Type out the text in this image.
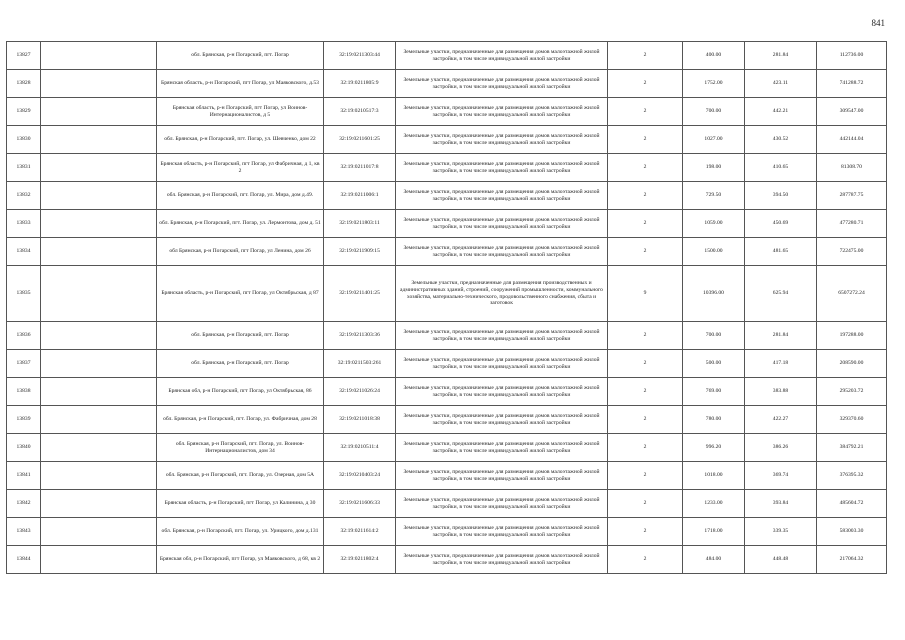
841
13827		обл. Брянская, р-н Погарский, пгт. Погар	32:19:0211303:44	Земельные участки, предназначенные для размещения домов малоэтажной жилой застройки, в том числе индивидуальной жилой застройки	2	400.00	281.84	112736.00
13828		Брянская область, р-н Погарский, пгт Погар, ул Маяковского, д.53	32:19:0211805:9	Земельные участки, предназначенные для размещения домов малоэтажной жилой застройки, в том числе индивидуальной жилой застройки	2	1752.00	423.11	741288.72
13829		Брянская область, р-н Погарский, пгт Погар, ул Воинов-Интернационалистов, д 5	32:19:0210517:3	Земельные участки, предназначенные для размещения домов малоэтажной жилой застройки, в том числе индивидуальной жилой застройки	2	700.00	442.21	309547.00
13830		обл. Брянская, р-н Погарский, пгт. Погар, ул. Шевченко, дом 22	32:19:0211601:25	Земельные участки, предназначенные для размещения домов малоэтажной жилой застройки, в том числе индивидуальной жилой застройки	2	1027.00	430.52	442144.04
13831		Брянская область, р-н Погарский, пгт Погар, ул Фабричная, д 1, кв 2	32:19:0211017:8	Земельные участки, предназначенные для размещения домов малоэтажной жилой застройки, в том числе индивидуальной жилой застройки	2	198.00	410.65	81308.70
13832		обл. Брянская, р-н Погарский, пгт. Погар, ул. Мира, дом д.49.	32:19:0211006:1	Земельные участки, предназначенные для размещения домов малоэтажной жилой застройки, в том числе индивидуальной жилой застройки	2	729.50	394.50	287787.75
13833		обл. Брянская, р-н Погарский, пгт. Погар, ул. Лермонтова, дом д. 51	32:19:0211803:11	Земельные участки, предназначенные для размещения домов малоэтажной жилой застройки, в том числе индивидуальной жилой застройки	2	1059.00	450.69	477280.71
13834		обл Брянская, р-н Погарский, пгт Погар, ул Ленина, дом 26	32:19:0211909:15	Земельные участки, предназначенные для размещения домов малоэтажной жилой застройки, в том числе индивидуальной жилой застройки	2	1500.00	481.65	722475.00
13835		Брянская область, р-н Погарский, пгт Погар, ул Октябрьская, д 87	32:19:0211401:25	Земельные участки, предназначенные для размещения производственных и административных зданий, строений, сооружений промышленности, коммунального хозяйства, материально-технического, продовольственного снабжения, сбыта и заготовок	9	10396.00	625.94	6507272.24
13836		обл. Брянская, р-н Погарский, пгт. Погар	32:19:0211303:36	Земельные участки, предназначенные для размещения домов малоэтажной жилой застройки, в том числе индивидуальной жилой застройки	2	700.00	281.84	197288.00
13837		обл. Брянская, р-н Погарский, пгт. Погар	32:19:0211503:261	Земельные участки, предназначенные для размещения домов малоэтажной жилой застройки, в том числе индивидуальной жилой застройки	2	500.00	417.18	208590.00
13838		Брянская обл, р-н Погарский, пгт Погар, ул Октябрьская, 86	32:19:0211026:24	Земельные участки, предназначенные для размещения домов малоэтажной жилой застройки, в том числе индивидуальной жилой застройки	2	769.00	383.88	295203.72
13839		обл. Брянская, р-н Погарский, пгт. Погар, ул. Фабричная, дом 28	32:19:0211018:38	Земельные участки, предназначенные для размещения домов малоэтажной жилой застройки, в том числе индивидуальной жилой застройки	2	780.00	422.27	329370.60
13840		обл. Брянская, р-н Погарский, пгт. Погар, ул. Воинов-Интернационалистов, дом 34	32:19:0210511:4	Земельные участки, предназначенные для размещения домов малоэтажной жилой застройки, в том числе индивидуальной жилой застройки	2	996.20	386.26	384792.21
13841		обл. Брянская, р-н Погарский, пгт. Погар, ул. Озерная, дом 5А	32:19:0210403:24	Земельные участки, предназначенные для размещения домов малоэтажной жилой застройки, в том числе индивидуальной жилой застройки	2	1018.00	369.74	376395.32
13842		Брянская область, р-н Погарский, пгт Погар, ул Калинина, д 30	32:19:0211606:33	Земельные участки, предназначенные для размещения домов малоэтажной жилой застройки, в том числе индивидуальной жилой застройки	2	1233.00	393.84	485604.72
13843		обл. Брянская, р-н Погарский, пгт. Погар, ул. Урицкого, дом д.131	32:19:0211614:2	Земельные участки, предназначенные для размещения домов малоэтажной жилой застройки, в том числе индивидуальной жилой застройки	2	1718.00	339.35	583003.30
13844		Брянская обл, р-н Погарский, пгт Погар, ул Маяковского, д 68, кв 2	32:19:0211802:4	Земельные участки, предназначенные для размещения домов малоэтажной жилой застройки, в том числе индивидуальной жилой застройки	2	484.00	448.48	217064.32
